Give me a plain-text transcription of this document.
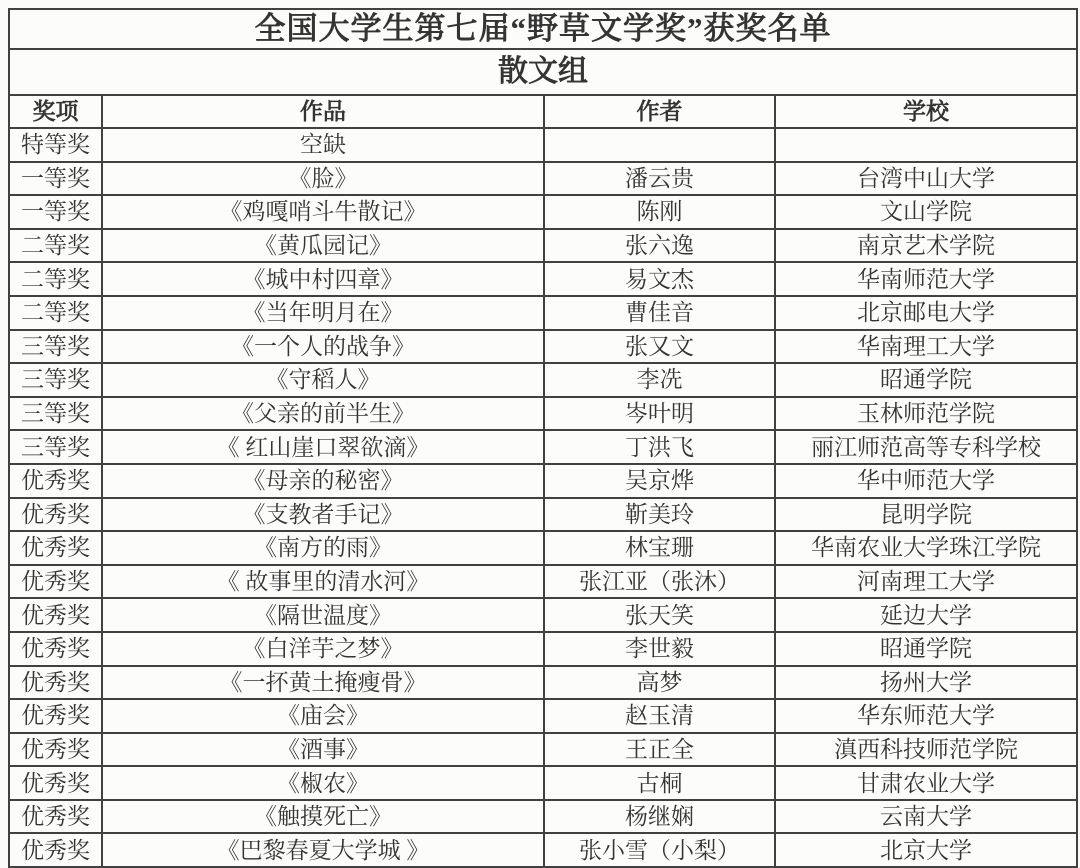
全国大学生第七届“野草文学奖”获奖名单			
散文组			
奖项	作品	作者	学校
特等奖	空缺		
一等奖	《脸》	潘云贵	台湾中山大学
一等奖	《鸡嘎哨斗牛散记》	陈刚	文山学院
二等奖	《黄瓜园记》	张六逸	南京艺术学院
二等奖	《城中村四章》	易文杰	华南师范大学
二等奖	《当年明月在》	曹佳音	北京邮电大学
三等奖	《一个人的战争》	张又文	华南理工大学
三等奖	《守稻人》	李冼	昭通学院
三等奖	《父亲的前半生》	岑叶明	玉林师范学院
三等奖	《 红山崖口翠欲滴》	丁洪飞	丽江师范高等专科学校
优秀奖	《母亲的秘密》	吴京烨	华中师范大学
优秀奖	《支教者手记》	靳美玲	昆明学院
优秀奖	《南方的雨》	林宝珊	华南农业大学珠江学院
优秀奖	《 故事里的清水河》	张江亚（张沐）	河南理工大学
优秀奖	《隔世温度》	张天笑	延边大学
优秀奖	《白洋芋之梦》	李世毅	昭通学院
优秀奖	《一抔黄土掩瘦骨》	高梦	扬州大学
优秀奖	《庙会》	赵玉清	华东师范大学
优秀奖	《酒事》	王正全	滇西科技师范学院
优秀奖	《椒农》	古桐	甘肃农业大学
优秀奖	《触摸死亡》	杨继娴	云南大学
优秀奖	《巴黎春夏大学城 》	张小雪（小梨）	北京大学
